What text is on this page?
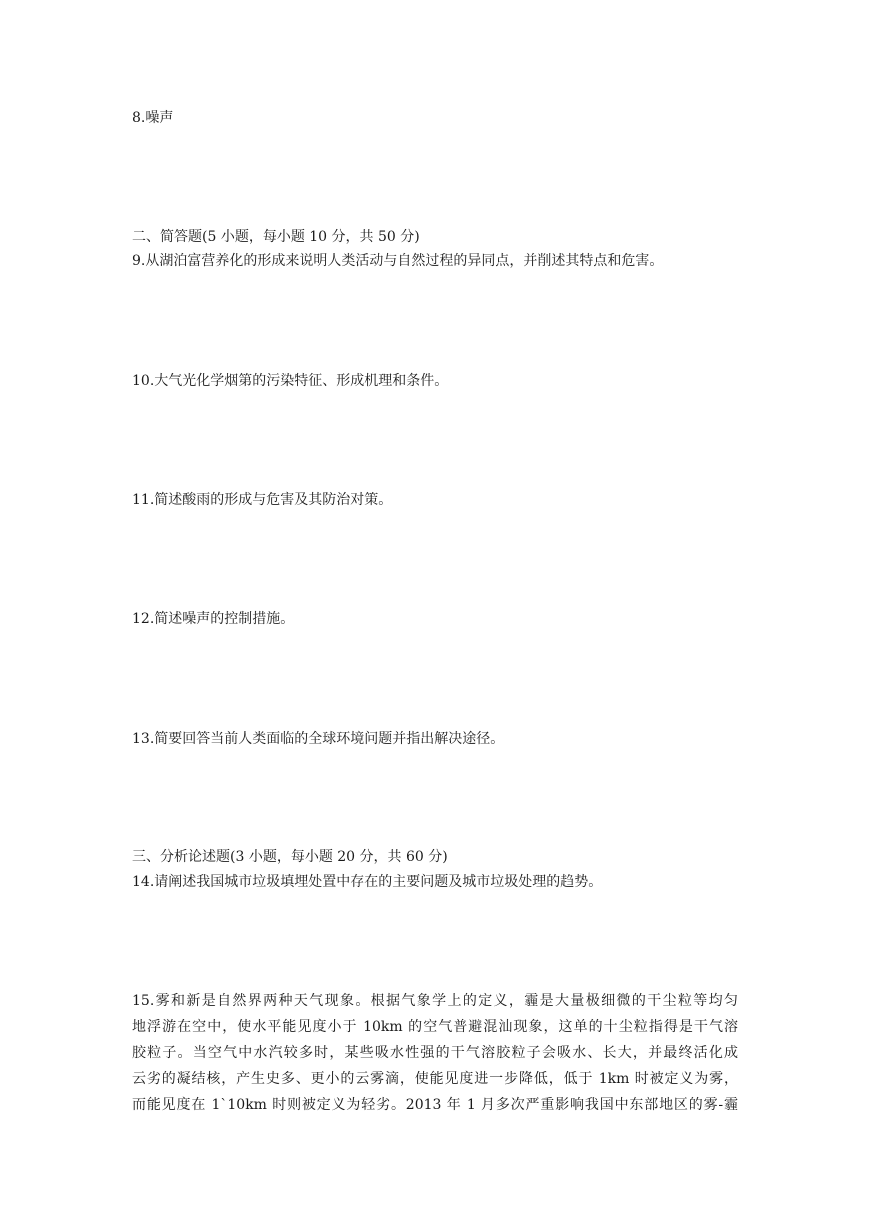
8.噪声
二、简答题(5 小题，每小题 10 分，共 50 分)
9.从湖泊富营养化的形成来说明人类活动与自然过程的异同点，并削述其特点和危害。
10.大气光化学烟第的污染特征、形成机理和条件。
11.简述酸雨的形成与危害及其防治对策。
12.简述噪声的控制措施。
13.简要回答当前人类面临的全球环境问题并指出解决途径。
三、分析论述题(3 小题，每小题 20 分，共 60 分)
14.请阐述我国城市垃圾填埋处置中存在的主要问题及城市垃圾处理的趋势。
15.雾和新是自然界两种天气现象。根据气象学上的定义，霾是大量极细微的干尘粒等均匀
地浮游在空中，使水平能见度小于 10km 的空气普避混汕现象，这单的十尘粒指得是干气溶
胶粒子。当空气中水汽较多时，某些吸水性强的干气溶胶粒子会吸水、长大，并最终活化成
云劣的凝结核，产生史多、更小的云雾滴，使能见度进一步降低，低于 1km 时被定义为雾，
而能见度在 1`10km 时则被定义为轻劣。2013 年 1 月多次严重影响我国中东部地区的雾-霾
